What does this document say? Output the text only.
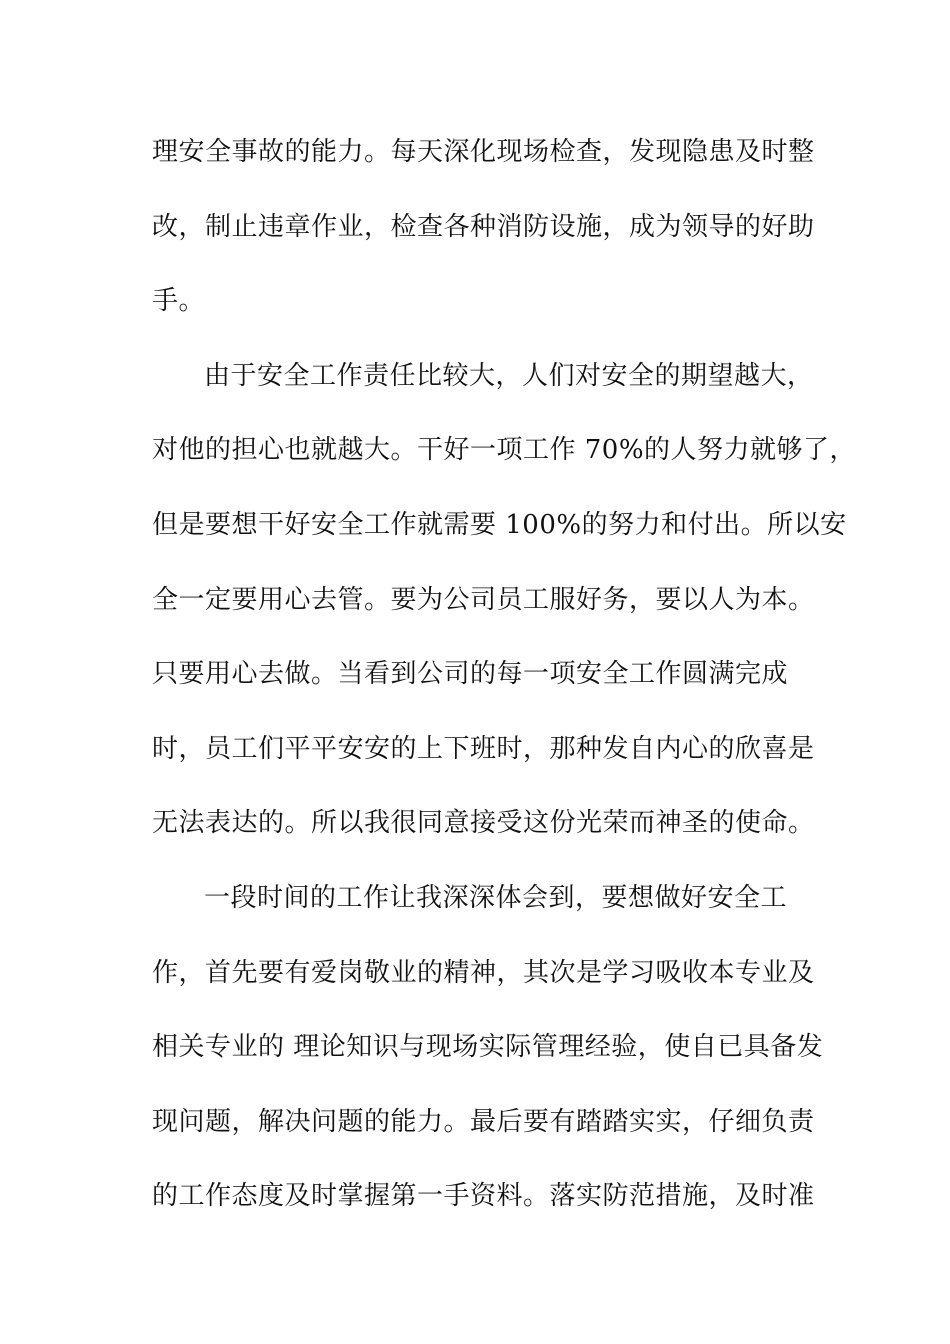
理安全事故的能力。每天深化现场检查，发现隐患及时整
改，制止违章作业，检查各种消防设施，成为领导的好助
手。
由于安全工作责任比较大，人们对安全的期望越大，
对他的担心也就越大。干好一项工作 70%的人努力就够了，
但是要想干好安全工作就需要 100%的努力和付出。所以安
全一定要用心去管。要为公司员工服好务，要以人为本。
只要用心去做。当看到公司的每一项安全工作圆满完成
时，员工们平平安安的上下班时，那种发自内心的欣喜是
无法表达的。所以我很同意接受这份光荣而神圣的使命。
一段时间的工作让我深深体会到，要想做好安全工
作，首先要有爱岗敬业的精神，其次是学习吸收本专业及
相关专业的 理论知识与现场实际管理经验，使自已具备发
现问题，解决问题的能力。最后要有踏踏实实，仔细负责
的工作态度及时掌握第一手资料。落实防范措施，及时准
